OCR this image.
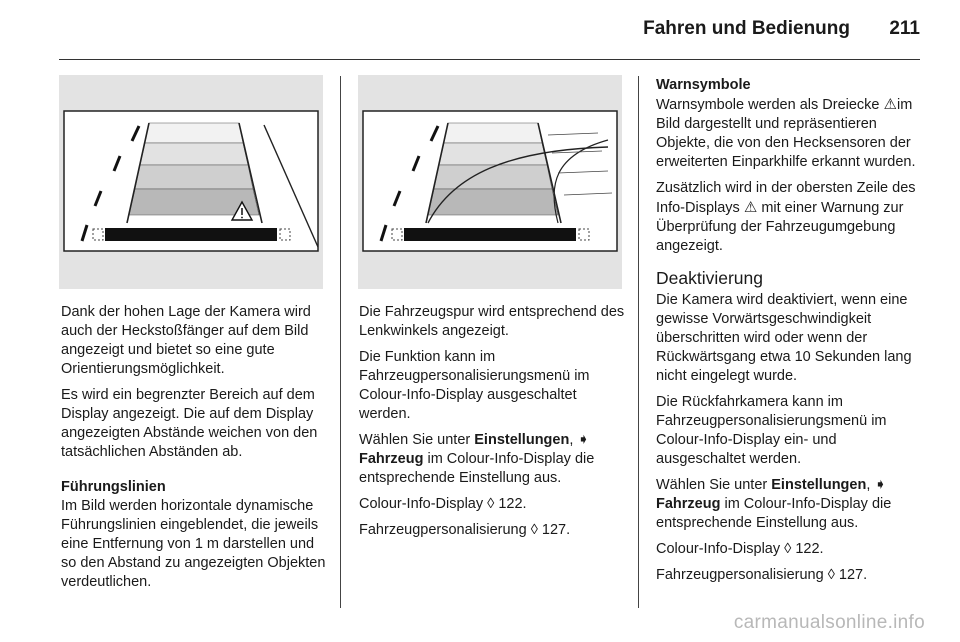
Fahren und Bedienung	211

Dank der hohen Lage der Kamera wird auch der Heckstoßfänger auf dem Bild angezeigt und bietet so eine gute Orientierungsmöglichkeit.

Es wird ein begrenzter Bereich auf dem Display angezeigt. Die auf dem Display angezeigten Abstände weichen von den tatsächlichen Abständen ab.

Führungslinien

Im Bild werden horizontale dynamische Führungslinien eingeblendet, die jeweils eine Entfernung von 1 m darstellen und so den Abstand zu angezeigten Objekten verdeutlichen.

Die Fahrzeugspur wird entsprechend des Lenkwinkels angezeigt.

Die Funktion kann im Fahrzeugpersonalisierungsmenü im Colour-Info-Display ausgeschaltet werden.

Wählen Sie unter Einstellungen, ➧ Fahrzeug im Colour-Info-Display die entsprechende Einstellung aus.

Colour-Info-Display ◊ 122.

Fahrzeugpersonalisierung ◊ 127.

Warnsymbole

Warnsymbole werden als Dreiecke ⚠im Bild dargestellt und repräsentieren Objekte, die von den Hecksensoren der erweiterten Einparkhilfe erkannt wurden.

Zusätzlich wird in der obersten Zeile des Info-Displays ⚠ mit einer Warnung zur Überprüfung der Fahrzeugumgebung angezeigt.

Deaktivierung

Die Kamera wird deaktiviert, wenn eine gewisse Vorwärtsgeschwindigkeit überschritten wird oder wenn der Rückwärtsgang etwa 10 Sekunden lang nicht eingelegt wurde.

Die Rückfahrkamera kann im Fahrzeugpersonalisierungsmenü im Colour-Info-Display ein- und ausgeschaltet werden.

Wählen Sie unter Einstellungen, ➧ Fahrzeug im Colour-Info-Display die entsprechende Einstellung aus.

Colour-Info-Display ◊ 122.

Fahrzeugpersonalisierung ◊ 127.

carmanualsonline.info
